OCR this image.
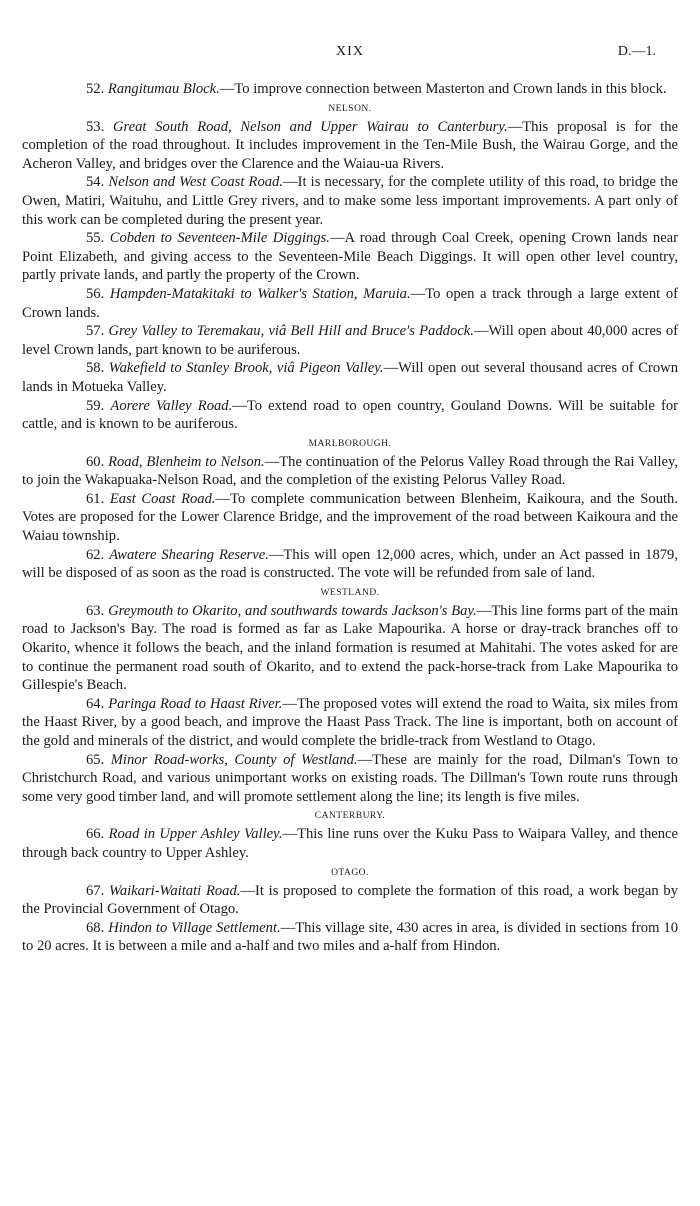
XIX	D.—1.

52. Rangitumau Block.—To improve connection between Masterton and Crown lands in this block.

NELSON.

53. Great South Road, Nelson and Upper Wairau to Canterbury.—This proposal is for the completion of the road throughout. It includes improvement in the Ten-Mile Bush, the Wairau Gorge, and the Acheron Valley, and bridges over the Clarence and the Waiau-ua Rivers.

54. Nelson and West Coast Road.—It is necessary, for the complete utility of this road, to bridge the Owen, Matiri, Waituhu, and Little Grey rivers, and to make some less important improvements. A part only of this work can be completed during the present year.

55. Cobden to Seventeen-Mile Diggings.—A road through Coal Creek, opening Crown lands near Point Elizabeth, and giving access to the Seventeen-Mile Beach Diggings. It will open other level country, partly private lands, and partly the property of the Crown.

56. Hampden-Matakitaki to Walker's Station, Maruia.—To open a track through a large extent of Crown lands.

57. Grey Valley to Teremakau, viâ Bell Hill and Bruce's Paddock.—Will open about 40,000 acres of level Crown lands, part known to be auriferous.

58. Wakefield to Stanley Brook, viâ Pigeon Valley.—Will open out several thousand acres of Crown lands in Motueka Valley.

59. Aorere Valley Road.—To extend road to open country, Gouland Downs. Will be suitable for cattle, and is known to be auriferous.

MARLBOROUGH.

60. Road, Blenheim to Nelson.—The continuation of the Pelorus Valley Road through the Rai Valley, to join the Wakapuaka-Nelson Road, and the completion of the existing Pelorus Valley Road.

61. East Coast Road.—To complete communication between Blenheim, Kaikoura, and the South. Votes are proposed for the Lower Clarence Bridge, and the improvement of the road between Kaikoura and the Waiau township.

62. Awatere Shearing Reserve.—This will open 12,000 acres, which, under an Act passed in 1879, will be disposed of as soon as the road is constructed. The vote will be refunded from sale of land.

WESTLAND.

63. Greymouth to Okarito, and southwards towards Jackson's Bay.—This line forms part of the main road to Jackson's Bay. The road is formed as far as Lake Mapourika. A horse or dray-track branches off to Okarito, whence it follows the beach, and the inland formation is resumed at Mahitahi. The votes asked for are to continue the permanent road south of Okarito, and to extend the pack-horse-track from Lake Mapourika to Gillespie's Beach.

64. Paringa Road to Haast River.—The proposed votes will extend the road to Waita, six miles from the Haast River, by a good beach, and improve the Haast Pass Track. The line is important, both on account of the gold and minerals of the district, and would complete the bridle-track from Westland to Otago.

65. Minor Road-works, County of Westland.—These are mainly for the road, Dilman's Town to Christchurch Road, and various unimportant works on existing roads. The Dillman's Town route runs through some very good timber land, and will promote settlement along the line; its length is five miles.

CANTERBURY.

66. Road in Upper Ashley Valley.—This line runs over the Kuku Pass to Waipara Valley, and thence through back country to Upper Ashley.

OTAGO.

67. Waikari-Waitati Road.—It is proposed to complete the formation of this road, a work began by the Provincial Government of Otago.

68. Hindon to Village Settlement.—This village site, 430 acres in area, is divided in sections from 10 to 20 acres. It is between a mile and a-half and two miles and a-half from Hindon.
